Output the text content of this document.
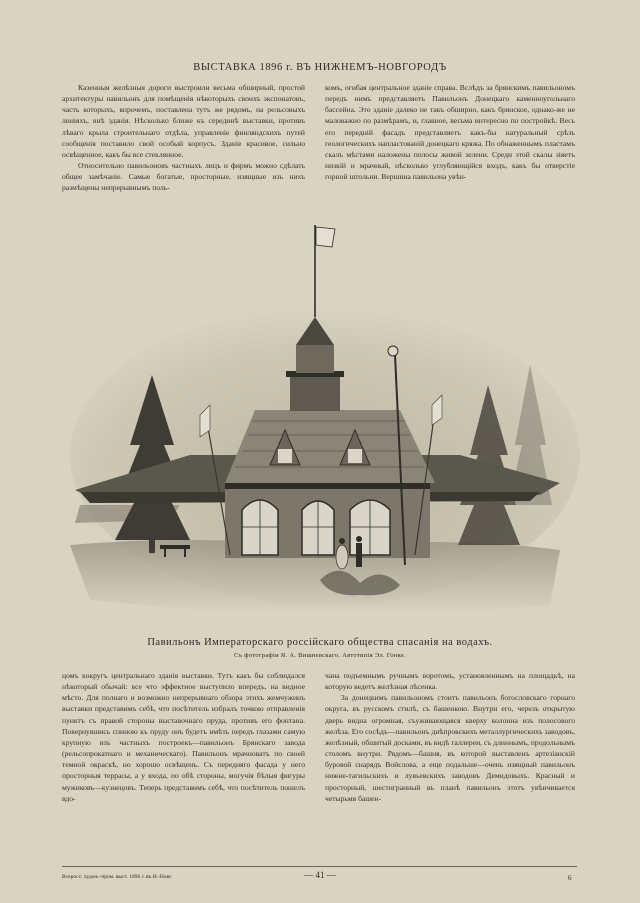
ВЫСТАВКА 1896 г. ВЪ НИЖНЕМЪ-НОВГОРОДЪ

Казенныя желѣзныя дороги выстроили весьма обширный, простой архитектуры павильонъ для помѣщенія нѣкоторыхъ своихъ экспонатовъ, часть которыхъ, впрочемъ, поставлена тутъ же рядомъ, на рельсовыхъ линіяхъ, внѣ зданія. Нѣсколько ближе къ серединѣ выставки, противъ лѣваго крыла строительнаго отдѣла, управленіе финляндскихъ путей сообщенія поставило свой особый корпусъ. Зданіе красивое, сильно освѣщенное, какъ бы все стеклянное.

Относительно павильоновъ частныхъ лицъ и фирмъ можно сдѣлать общее замѣчаніе. Самые богатые, просторные, изящные изъ нихъ размѣщены непрерывнымъ поль-

комъ, огибая центральное зданіе справа. Вслѣдъ за брянскимъ павильономъ передъ нимъ представляетъ Павильонъ Донецкаго каменноугольнаго бассейна. Это зданіе далеко не такъ обширно, какъ брянское, однако-же не маловажно по размѣрамъ, и, главное, весьма интересно по постройкѣ. Весь его передній фасадъ представляетъ какъ-бы натуральный срѣзъ геологическихъ напластованій донецкаго кряжа. По обнаженнымъ пластамъ скалъ мѣстами наложены полосы живой зелени. Среди этой скалы зіяетъ низкій и мрачный, нѣсколько углубляющійся входъ, какъ бы отверстіе горной штольни. Вершина павильона увѣн-

Павильонъ Императорскаго россійскаго общества спасанія на водахъ.
Съ фотографіи Я. А. Вишневскаго. Автотипія Эл. Гонке.

цомъ вокругъ центральнаго зданія выставки. Тутъ какъ бы соблюдался нѣкоторый обычай: все что эффектное выступило впередъ, на видное мѣсто. Для полнаго и возможно непрерывнаго обзора этихъ жемчужинъ выставки представимъ себѣ, что посѣтитель избралъ точкою отправленія пунктъ съ правой стороны выставочнаго пруда, противъ его фонтана. Повернувшись спиною къ пруду онъ будетъ имѣть передъ глазами самую крупную изъ частныхъ построекъ—павильонъ Брянскаго завода (рельсопрокатнаго и механическаго). Павильонъ мрачноватъ по своей темной окраскѣ, но хорошо освѣщенъ. Съ передняго фасада у него просторныя террасы, а у входа, по обѣ стороны, могучія бѣлыя фигуры мужиковъ—кузнецовъ. Теперь представимъ себѣ, что посѣтитель пошелъ вдо-

чана подъемнымъ ручнымъ воротомъ, установленнымъ на площадкѣ, на которую ведетъ желѣзная лѣсенка.

За донецкимъ павильономъ стоитъ павильонъ богословскаго горнаго округа, въ русскомъ стилѣ, съ башенкою. Внутри его, черезъ открытую дверь видна огромная, съуживающаяся кверху колонна изъ полосового желѣза. Его сосѣдъ—павильонъ днѣпровскихъ металлургическихъ заводовъ, желѣзный, обшитый досками, въ видѣ галлереи, съ длиннымъ, продольнымъ столомъ внутри. Рядомъ—башня, въ которой выставленъ артезіанскій буровой снарядъ Войслова, а еще подальше—очень изящный павильонъ нижне-тагильскихъ и лувьевскихъ заводовъ Демидовыхъ. Красный и просторный, шестигранный въ планѣ павильонъ этотъ увѣнчивается четырьмя башен-

Всеросс. худож.-пром. выст. 1896 г. въ Н.-Новг.	— 41 —	6
